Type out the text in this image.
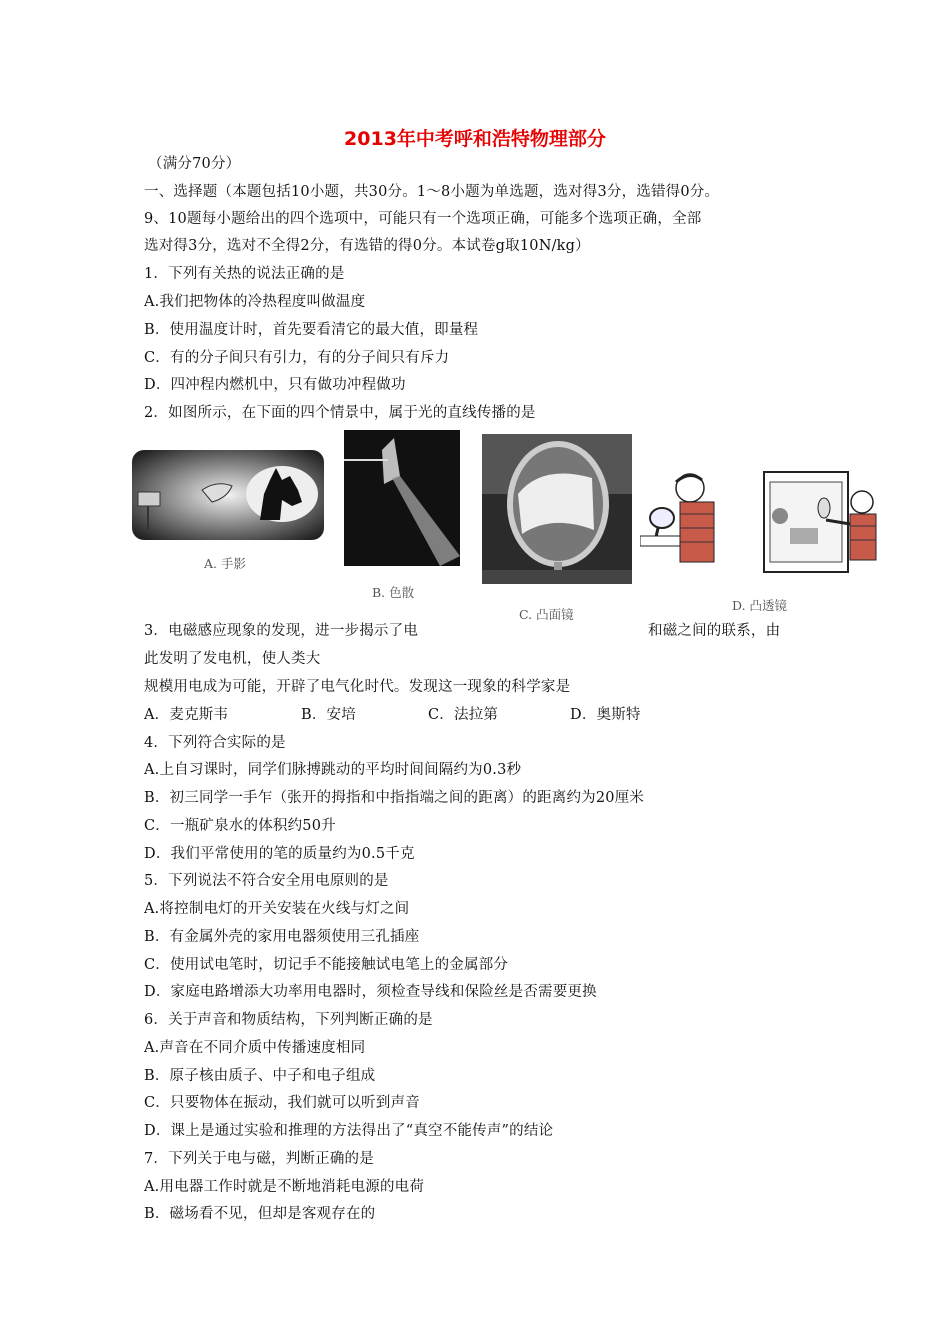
2013年中考呼和浩特物理部分
（满分70分）
一、选择题（本题包括10小题，共30分。1～8小题为单选题，选对得3分，选错得0分。
9、10题每小题给出的四个选项中，可能只有一个选项正确，可能多个选项正确，全部
选对得3分，选对不全得2分，有选错的得0分。本试卷g取10N/kg）
1．下列有关热的说法正确的是
A.我们把物体的冷热程度叫做温度
B．使用温度计时，首先要看清它的最大值，即量程
C．有的分子间只有引力，有的分子间只有斥力
D．四冲程内燃机中，只有做功冲程做功
2．如图所示，在下面的四个情景中，属于光的直线传播的是
A. 手影
B. 色散
C. 凸面镜
D. 凸透镜
3．电磁感应现象的发现，进一步揭示了电	和磁之间的联系，由
此发明了发电机，使人类大
规模用电成为可能，开辟了电气化时代。发现这一现象的科学家是
A．麦克斯韦	B．安培	C．法拉第	D．奥斯特
4．下列符合实际的是
A.上自习课时，同学们脉搏跳动的平均时间间隔约为0.3秒
B．初三同学一手乍（张开的拇指和中指指端之间的距离）的距离约为20厘米
C．一瓶矿泉水的体积约50升
D．我们平常使用的笔的质量约为0.5千克
5．下列说法不符合安全用电原则的是
A.将控制电灯的开关安装在火线与灯之间
B．有金属外壳的家用电器须使用三孔插座
C．使用试电笔时，切记手不能接触试电笔上的金属部分
D．家庭电路增添大功率用电器时，须检查导线和保险丝是否需要更换
6．关于声音和物质结构，下列判断正确的是
A.声音在不同介质中传播速度相同
B．原子核由质子、中子和电子组成
C．只要物体在振动，我们就可以听到声音
D．课上是通过实验和推理的方法得出了“真空不能传声”的结论
7．下列关于电与磁，判断正确的是
A.用电器工作时就是不断地消耗电源的电荷
B．磁场看不见，但却是客观存在的
